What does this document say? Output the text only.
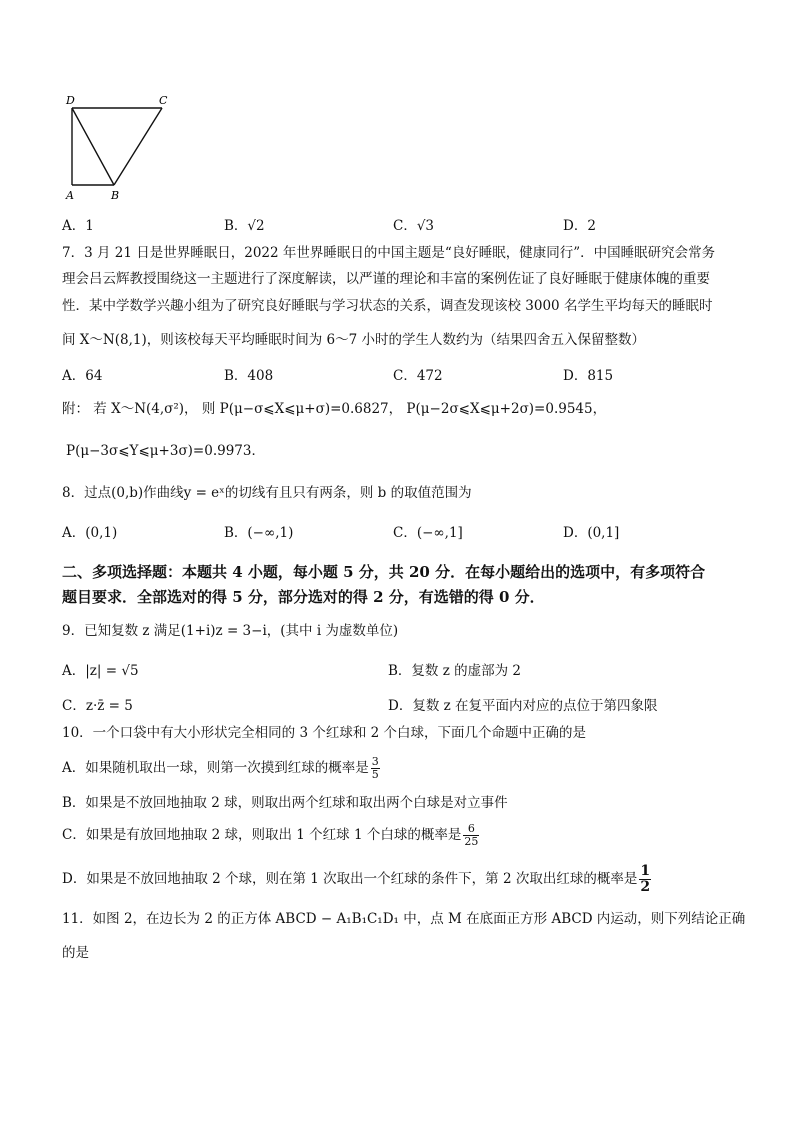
D	C
A	B
A．1	B．√2	C．√3	D．2
7．3 月 21 日是世界睡眠日，2022 年世界睡眠日的中国主题是“良好睡眠，健康同行”．中国睡眠研究会常务
理会吕云辉教授围绕这一主题进行了深度解读，以严谨的理论和丰富的案例佐证了良好睡眠于健康体魄的重要
性．某中学数学兴趣小组为了研究良好睡眠与学习状态的关系，调查发现该校 3000 名学生平均每天的睡眠时
间 X～N(8,1)，则该校每天平均睡眠时间为 6～7 小时的学生人数约为（结果四舍五入保留整数）
A．64	B．408	C．472	D．815
附： 若 X～N(4,σ²)， 则 P(μ−σ⩽X⩽μ+σ)=0.6827， P(μ−2σ⩽X⩽μ+2σ)=0.9545，
P(μ−3σ⩽Y⩽μ+3σ)=0.9973．
8．过点(0,b)作曲线y = eˣ的切线有且只有两条，则 b 的取值范围为
A．(0,1)	B．(−∞,1)	C．(−∞,1]	D．(0,1]
二、多项选择题：本题共 4 小题，每小题 5 分，共 20 分．在每小题给出的选项中，有多项符合
题目要求．全部选对的得 5 分，部分选对的得 2 分，有选错的得 0 分．
9．已知复数 z 满足(1+i)z = 3−i，(其中 i 为虚数单位)
A．|z| = √5	B．复数 z 的虚部为 2
C．z·z̄ = 5	D．复数 z 在复平面内对应的点位于第四象限
10．一个口袋中有大小形状完全相同的 3 个红球和 2 个白球，下面几个命题中正确的是
A．如果随机取出一球，则第一次摸到红球的概率是 $\frac{3}{5}$
B．如果是不放回地抽取 2 球，则取出两个红球和取出两个白球是对立事件
C．如果是有放回地抽取 2 球，则取出 1 个红球 1 个白球的概率是 $\frac{6}{25}$
D．如果是不放回地抽取 2 个球，则在第 1 次取出一个红球的条件下，第 2 次取出红球的概率是 $\frac{1}{2}$
11．如图 2，在边长为 2 的正方体 ABCD − A₁B₁C₁D₁ 中，点 M 在底面正方形 ABCD 内运动，则下列结论正确
的是
